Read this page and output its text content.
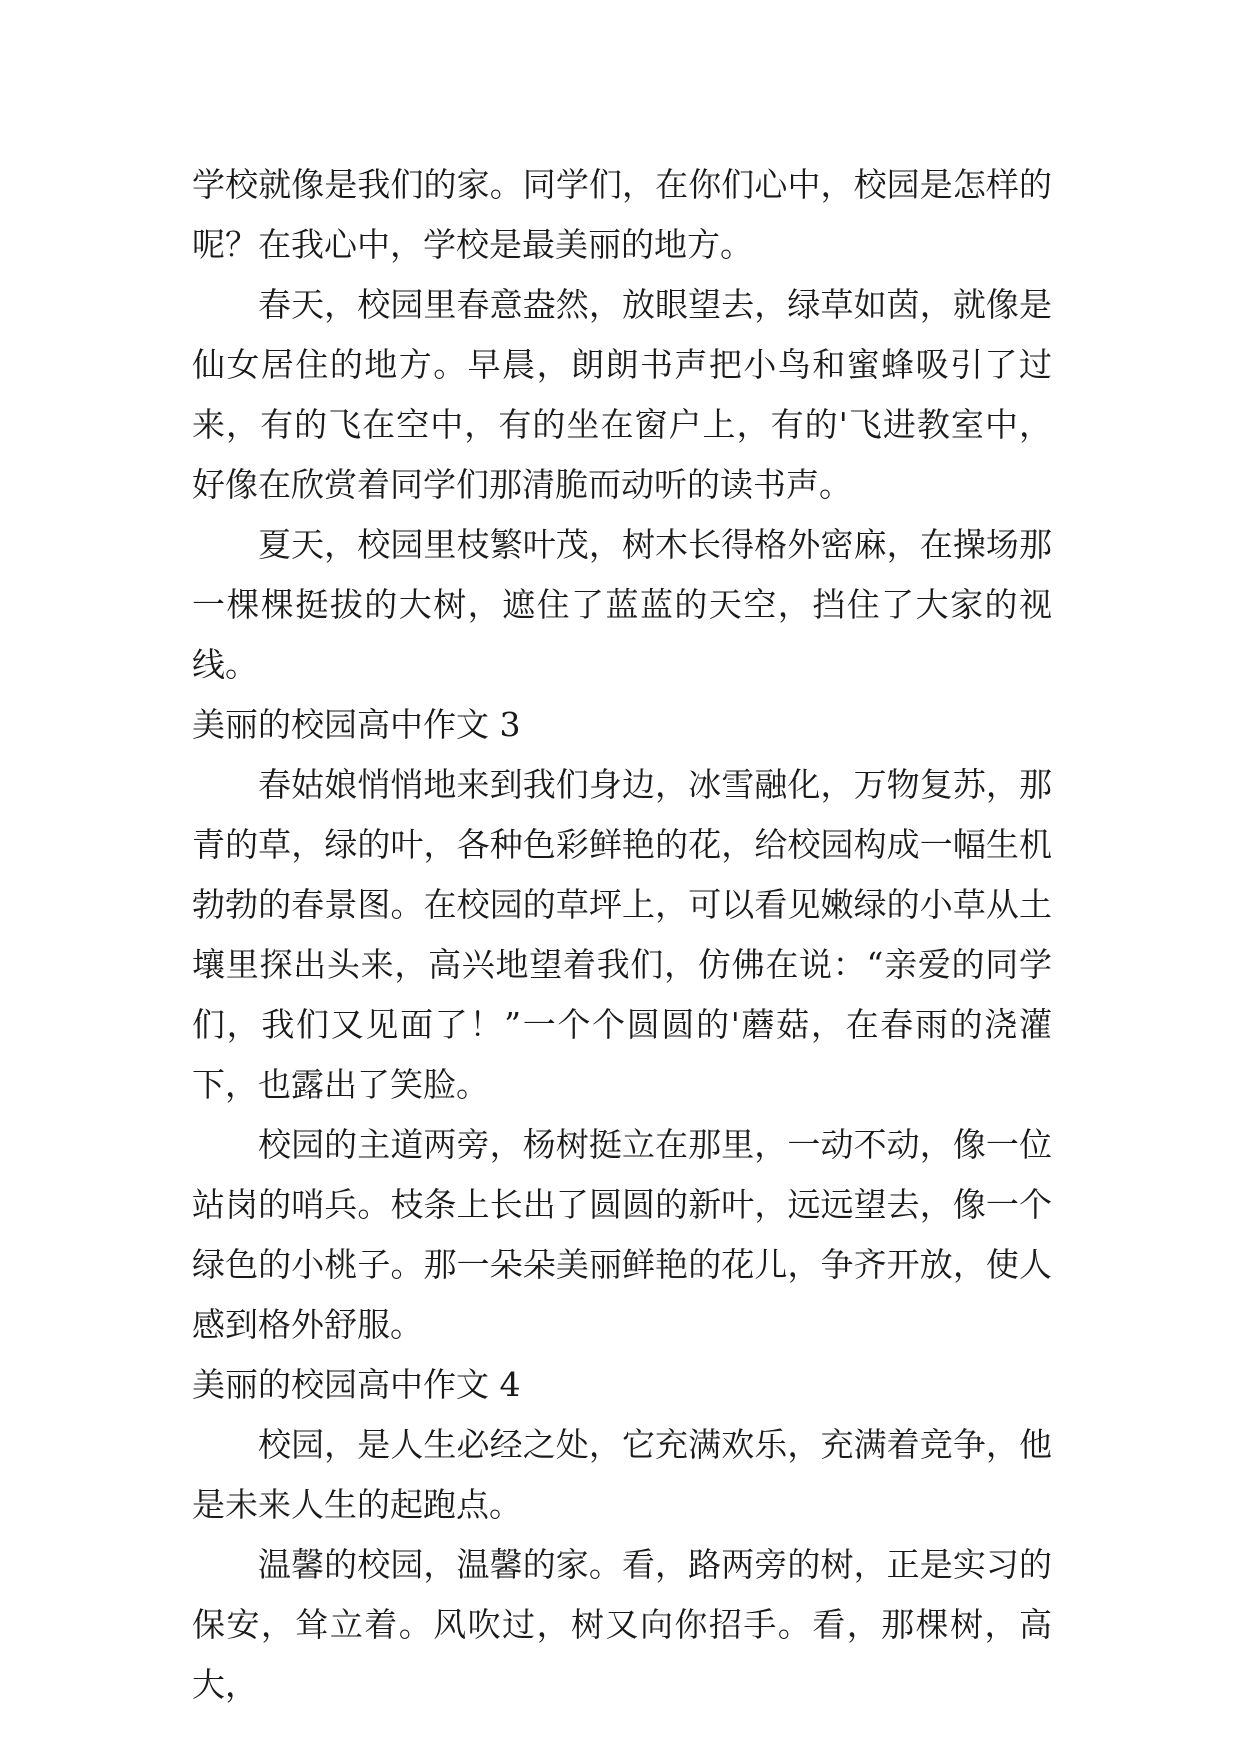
学校就像是我们的家。同学们，在你们心中，校园是怎样的呢？在我心中，学校是最美丽的地方。

春天，校园里春意盎然，放眼望去，绿草如茵，就像是仙女居住的地方。早晨，朗朗书声把小鸟和蜜蜂吸引了过来，有的飞在空中，有的坐在窗户上，有的'飞进教室中，好像在欣赏着同学们那清脆而动听的读书声。

夏天，校园里枝繁叶茂，树木长得格外密麻，在操场那一棵棵挺拔的大树，遮住了蓝蓝的天空，挡住了大家的视线。

美丽的校园高中作文 3

春姑娘悄悄地来到我们身边，冰雪融化，万物复苏，那青的草，绿的叶，各种色彩鲜艳的花，给校园构成一幅生机勃勃的春景图。在校园的草坪上，可以看见嫩绿的小草从土壤里探出头来，高兴地望着我们，仿佛在说：“亲爱的同学们，我们又见面了！”一个个圆圆的'蘑菇，在春雨的浇灌下，也露出了笑脸。

校园的主道两旁，杨树挺立在那里，一动不动，像一位站岗的哨兵。枝条上长出了圆圆的新叶，远远望去，像一个绿色的小桃子。那一朵朵美丽鲜艳的花儿，争齐开放，使人感到格外舒服。

美丽的校园高中作文 4

校园，是人生必经之处，它充满欢乐，充满着竞争，他是未来人生的起跑点。

温馨的校园，温馨的家。看，路两旁的树，正是实习的保安，耸立着。风吹过，树又向你招手。看，那棵树，高大，
